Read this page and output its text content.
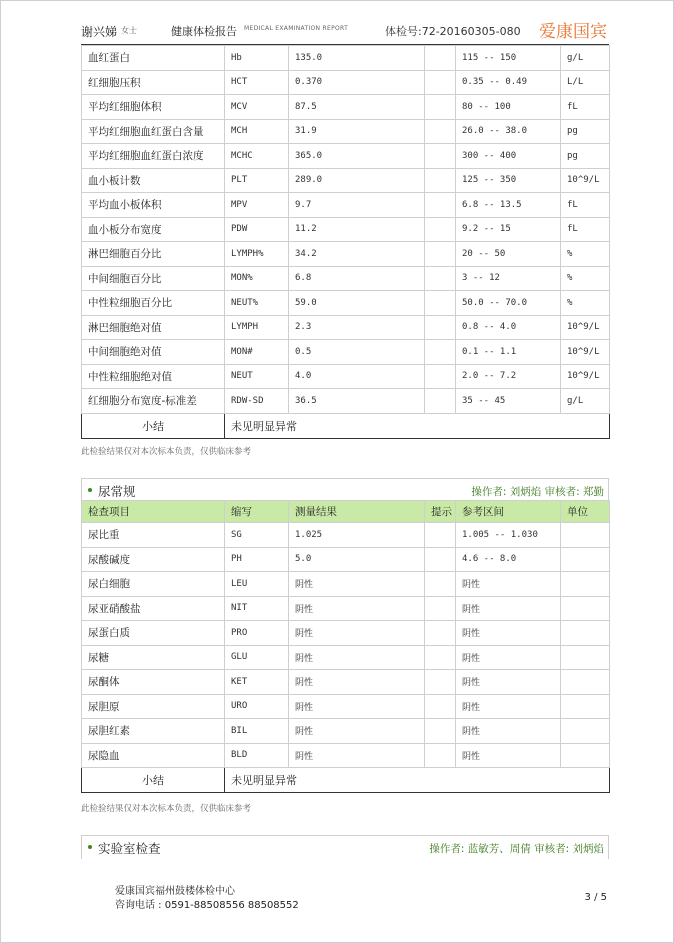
谢兴娣 女士	健康体检报告 MEDICAL EXAMINATION REPORT	体检号:72-20160305-080 爱康国宾
血红蛋白	Hb	135.0		115 -- 150	g/L
红细胞压积	HCT	0.370		0.35 -- 0.49	L/L
平均红细胞体积	MCV	87.5		80 -- 100	fL
平均红细胞血红蛋白含量	MCH	31.9		26.0 -- 38.0	pg
平均红细胞血红蛋白浓度	MCHC	365.0		300 -- 400	pg
血小板计数	PLT	289.0		125 -- 350	10^9/L
平均血小板体积	MPV	9.7		6.8 -- 13.5	fL
血小板分布宽度	PDW	11.2		9.2 -- 15	fL
淋巴细胞百分比	LYMPH%	34.2		20 -- 50	%
中间细胞百分比	MON%	6.8		3 -- 12	%
中性粒细胞百分比	NEUT%	59.0		50.0 -- 70.0	%
淋巴细胞绝对值	LYMPH	2.3		0.8 -- 4.0	10^9/L
中间细胞绝对值	MON#	0.5		0.1 -- 1.1	10^9/L
中性粒细胞绝对值	NEUT	4.0		2.0 -- 7.2	10^9/L
红细胞分布宽度-标准差	RDW-SD	36.5		35 -- 45	g/L
小结	未见明显异常				
此检验结果仅对本次标本负责，仅供临床参考
尿常规	操作者: 刘炳焰 审核者: 郑勤
检查项目	缩写	测量结果	提示	参考区间	单位
尿比重	SG	1.025		1.005 -- 1.030	
尿酸碱度	PH	5.0		4.6 -- 8.0	
尿白细胞	LEU	阴性		阴性	
尿亚硝酸盐	NIT	阴性		阴性	
尿蛋白质	PRO	阴性		阴性	
尿糖	GLU	阴性		阴性	
尿酮体	KET	阴性		阴性	
尿胆原	URO	阴性		阴性	
尿胆红素	BIL	阴性		阴性	
尿隐血	BLD	阴性		阴性	
小结	未见明显异常				
此检验结果仅对本次标本负责，仅供临床参考
实验室检查	操作者: 蓝敏芳、周倩 审核者: 刘炳焰
爱康国宾福州鼓楼体检中心
咨询电话 : 0591-88508556 88508552
3 / 5
